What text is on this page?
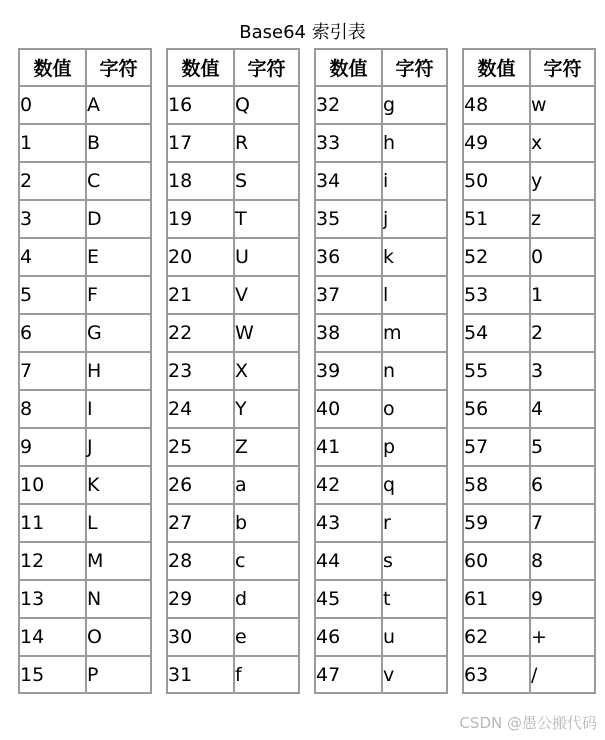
Base64 索引表
数值	字符		数值	字符		数值	字符		数值	字符
0	A		16	Q		32	g		48	w
1	B		17	R		33	h		49	x
2	C		18	S		34	i		50	y
3	D		19	T		35	j		51	z
4	E		20	U		36	k		52	0
5	F		21	V		37	l		53	1
6	G		22	W		38	m		54	2
7	H		23	X		39	n		55	3
8	I		24	Y		40	o		56	4
9	J		25	Z		41	p		57	5
10	K		26	a		42	q		58	6
11	L		27	b		43	r		59	7
12	M		28	c		44	s		60	8
13	N		29	d		45	t		61	9
14	O		30	e		46	u		62	+
15	P		31	f		47	v		63	/
CSDN @愚公搬代码
